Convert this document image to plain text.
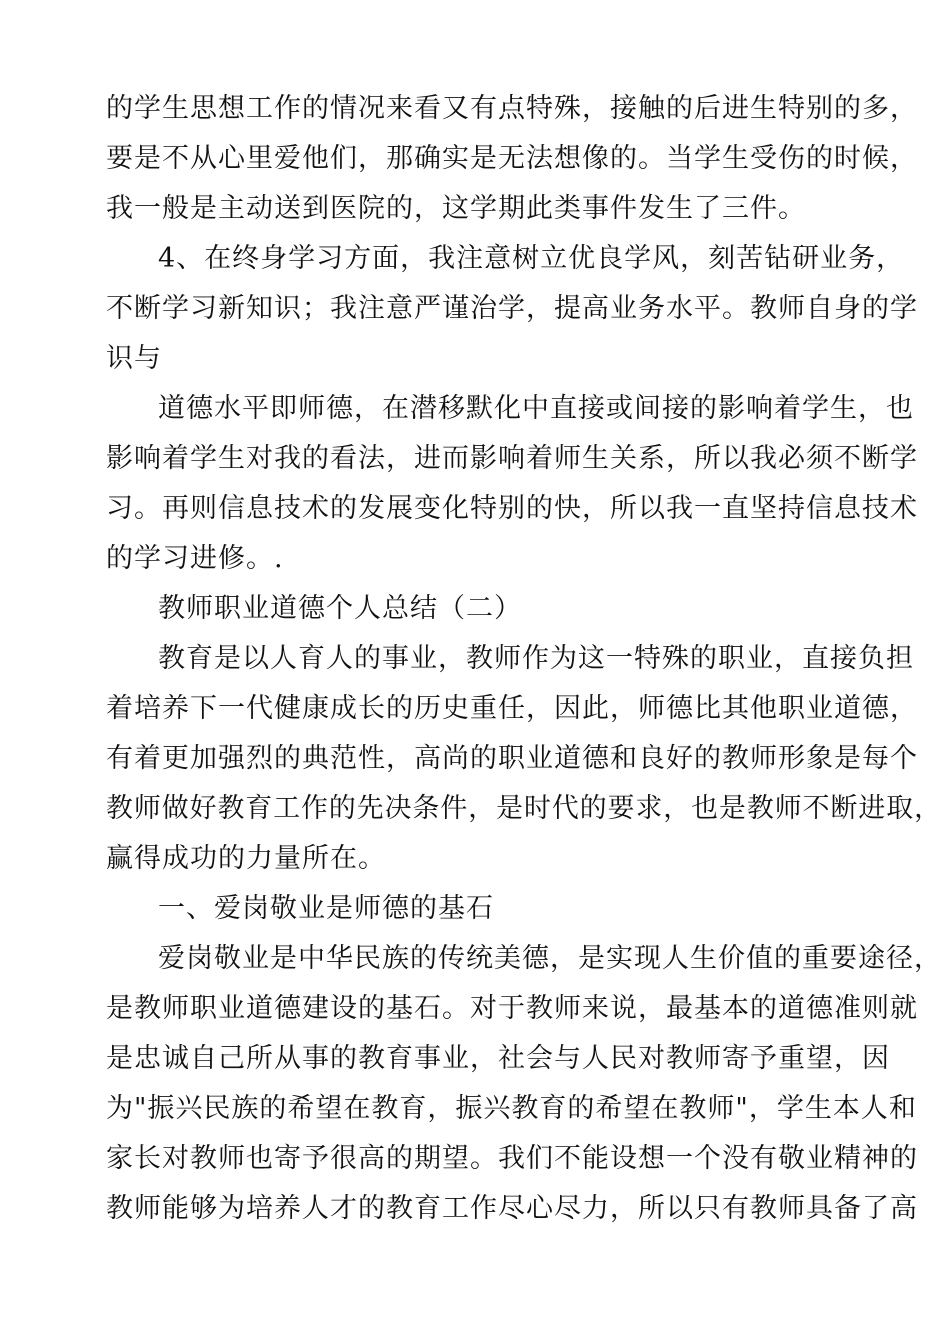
的学生思想工作的情况来看又有点特殊，接触的后进生特别的多，
要是不从心里爱他们，那确实是无法想像的。当学生受伤的时候，
我一般是主动送到医院的，这学期此类事件发生了三件。
4、在终身学习方面，我注意树立优良学风，刻苦钻研业务，
不断学习新知识；我注意严谨治学，提高业务水平。教师自身的学
识与
道德水平即师德，在潜移默化中直接或间接的影响着学生，也
影响着学生对我的看法，进而影响着师生关系，所以我必须不断学
习。再则信息技术的发展变化特别的快，所以我一直坚持信息技术
的学习进修。.
教师职业道德个人总结（二）
教育是以人育人的事业，教师作为这一特殊的职业，直接负担
着培养下一代健康成长的历史重任，因此，师德比其他职业道德，
有着更加强烈的典范性，高尚的职业道德和良好的教师形象是每个
教师做好教育工作的先决条件，是时代的要求，也是教师不断进取，
赢得成功的力量所在。
一、爱岗敬业是师德的基石
爱岗敬业是中华民族的传统美德，是实现人生价值的重要途径，
是教师职业道德建设的基石。对于教师来说，最基本的道德准则就
是忠诚自己所从事的教育事业，社会与人民对教师寄予重望，因
为"振兴民族的希望在教育，振兴教育的希望在教师"，学生本人和
家长对教师也寄予很高的期望。我们不能设想一个没有敬业精神的
教师能够为培养人才的教育工作尽心尽力，所以只有教师具备了高
